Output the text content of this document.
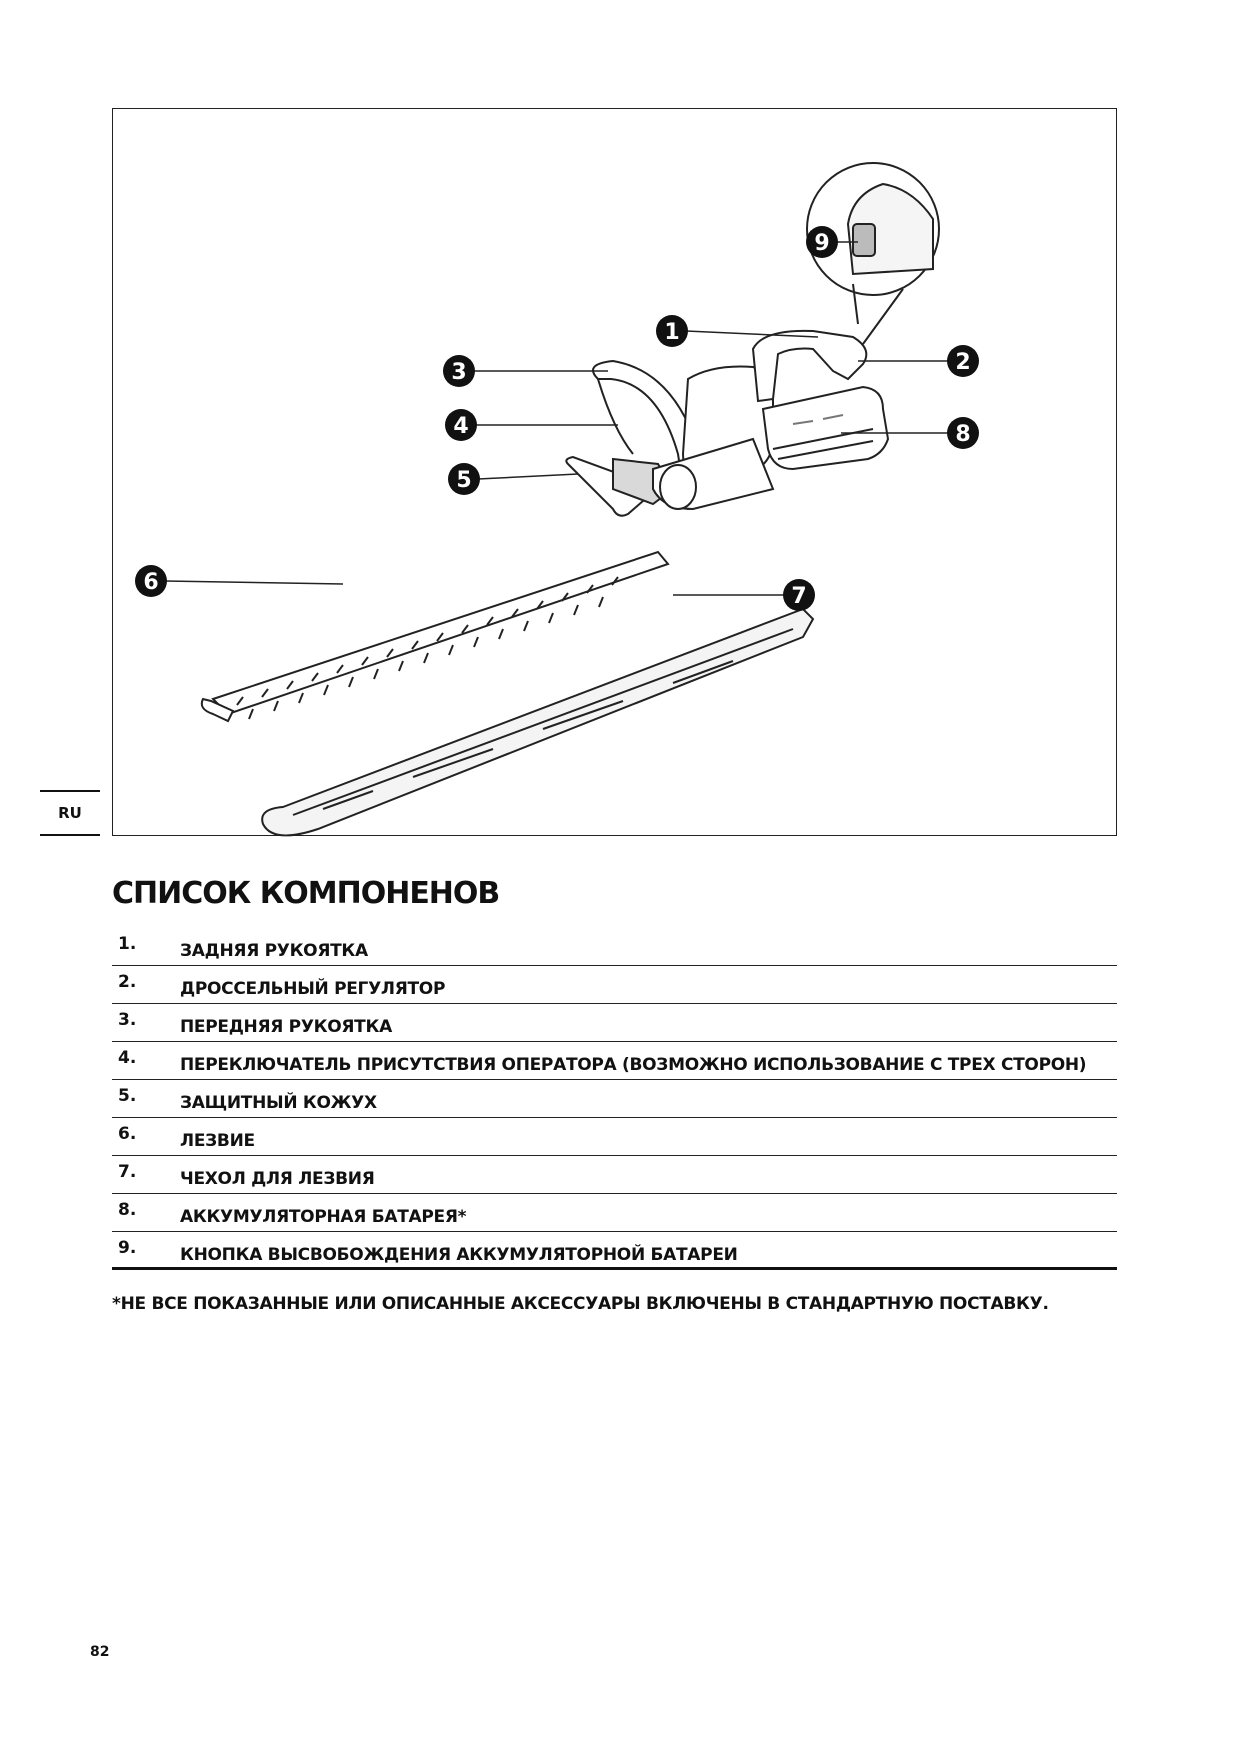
1
2
3
4
5
6
7
8
9
RU
СПИСОК КОМПОНЕНОВ
1.	ЗАДНЯЯ РУКОЯТКА
2.	ДРОССЕЛЬНЫЙ РЕГУЛЯТОР
3.	ПЕРЕДНЯЯ РУКОЯТКА
4.	ПЕРЕКЛЮЧАТЕЛЬ ПРИСУТСТВИЯ ОПЕРАТОРА (ВОЗМОЖНО ИСПОЛЬЗОВАНИЕ С ТРЕХ СТОРОН)
5.	ЗАЩИТНЫЙ КОЖУХ
6.	ЛЕЗВИЕ
7.	ЧЕХОЛ ДЛЯ ЛЕЗВИЯ
8.	АККУМУЛЯТОРНАЯ БАТАРЕЯ*
9.	КНОПКА ВЫСВОБОЖДЕНИЯ АККУМУЛЯТОРНОЙ БАТАРЕИ

*НЕ ВСЕ ПОКАЗАННЫЕ ИЛИ ОПИСАННЫЕ АКСЕССУАРЫ ВКЛЮЧЕНЫ В СТАНДАРТНУЮ ПОСТАВКУ.

82
